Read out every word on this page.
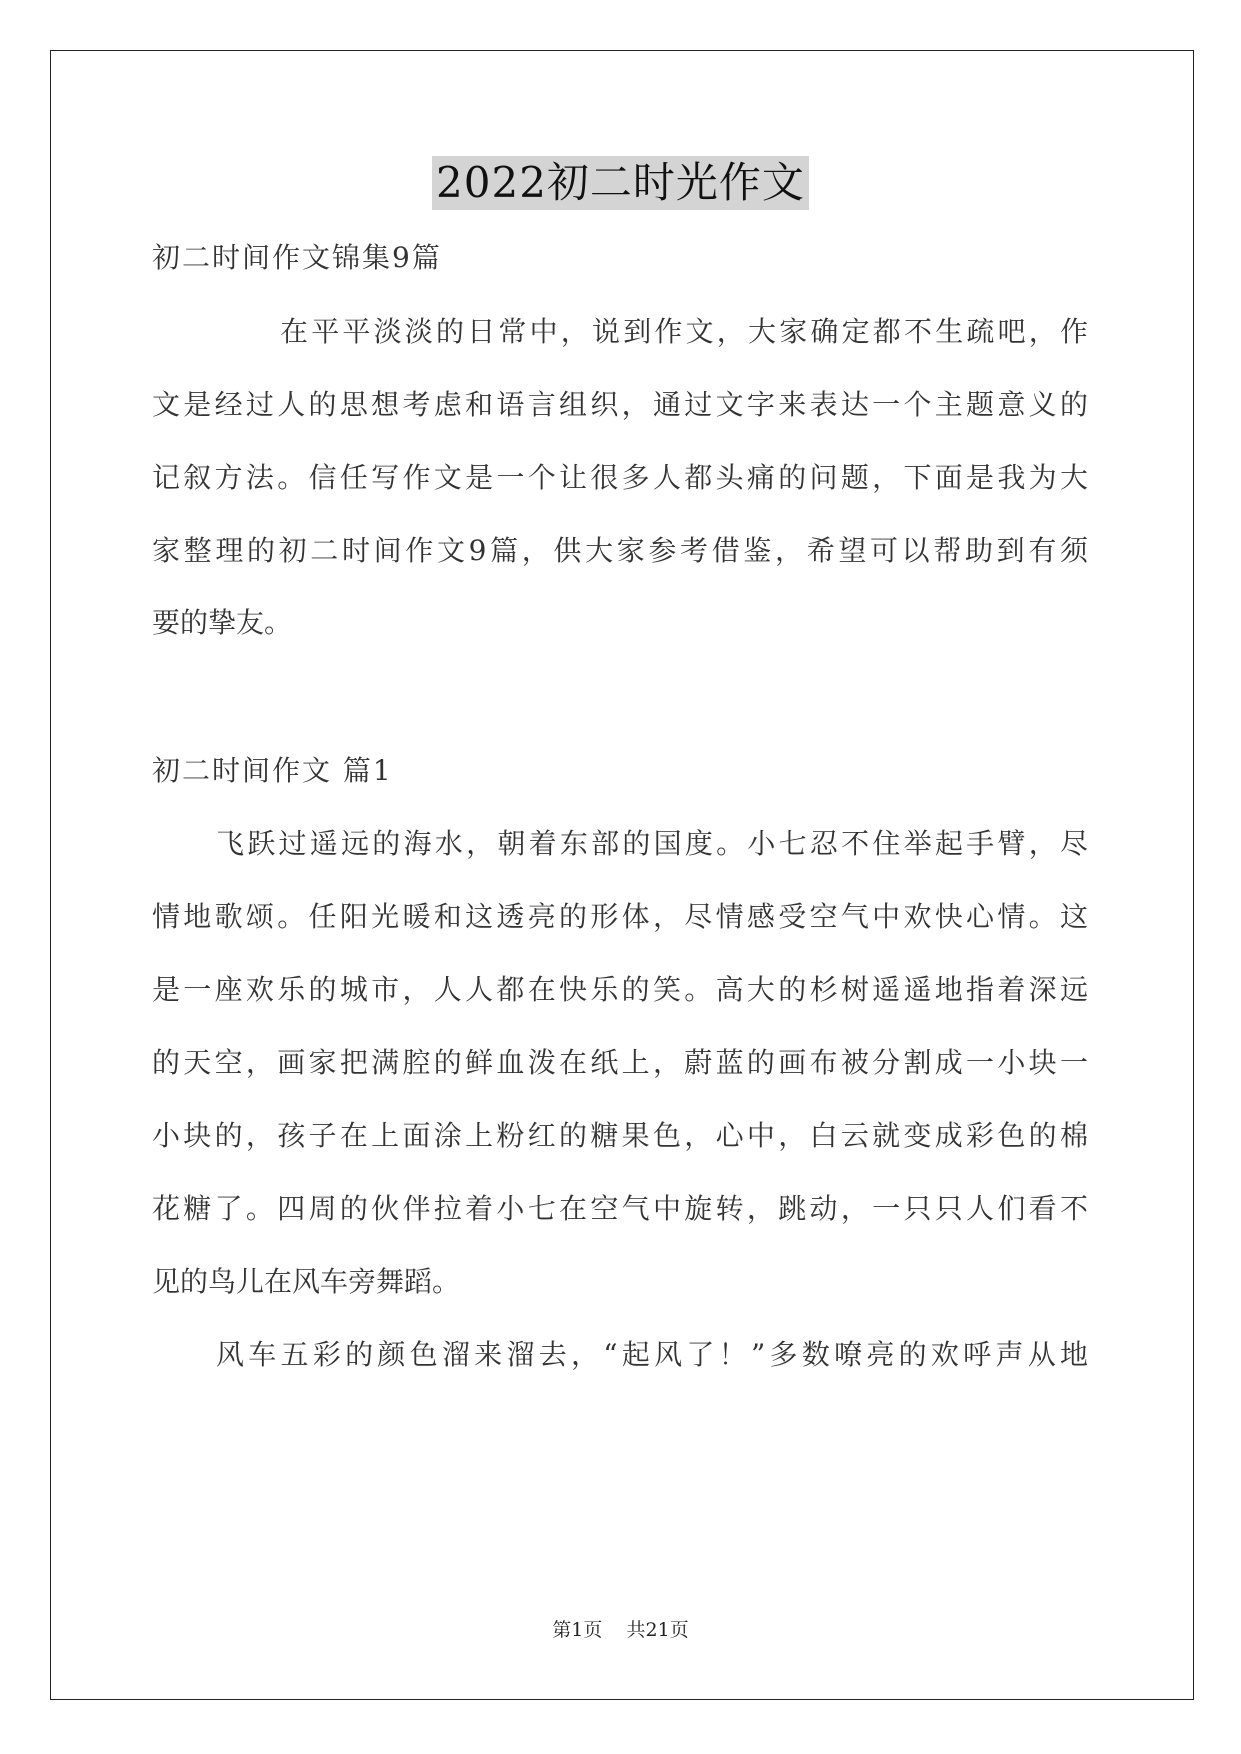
2022初二时光作文
初二时间作文锦集9篇
在平平淡淡的日常中，说到作文，大家确定都不生疏吧，作
文是经过人的思想考虑和语言组织，通过文字来表达一个主题意义的
记叙方法。信任写作文是一个让很多人都头痛的问题，下面是我为大
家整理的初二时间作文9篇，供大家参考借鉴，希望可以帮助到有须
要的挚友。
初二时间作文 篇1
飞跃过遥远的海水，朝着东部的国度。小七忍不住举起手臂，尽
情地歌颂。任阳光暖和这透亮的形体，尽情感受空气中欢快心情。这
是一座欢乐的城市，人人都在快乐的笑。高大的杉树遥遥地指着深远
的天空，画家把满腔的鲜血泼在纸上，蔚蓝的画布被分割成一小块一
小块的，孩子在上面涂上粉红的糖果色，心中，白云就变成彩色的棉
花糖了。四周的伙伴拉着小七在空气中旋转，跳动，一只只人们看不
见的鸟儿在风车旁舞蹈。
风车五彩的颜色溜来溜去，“起风了！”多数嘹亮的欢呼声从地
第1页    共21页
